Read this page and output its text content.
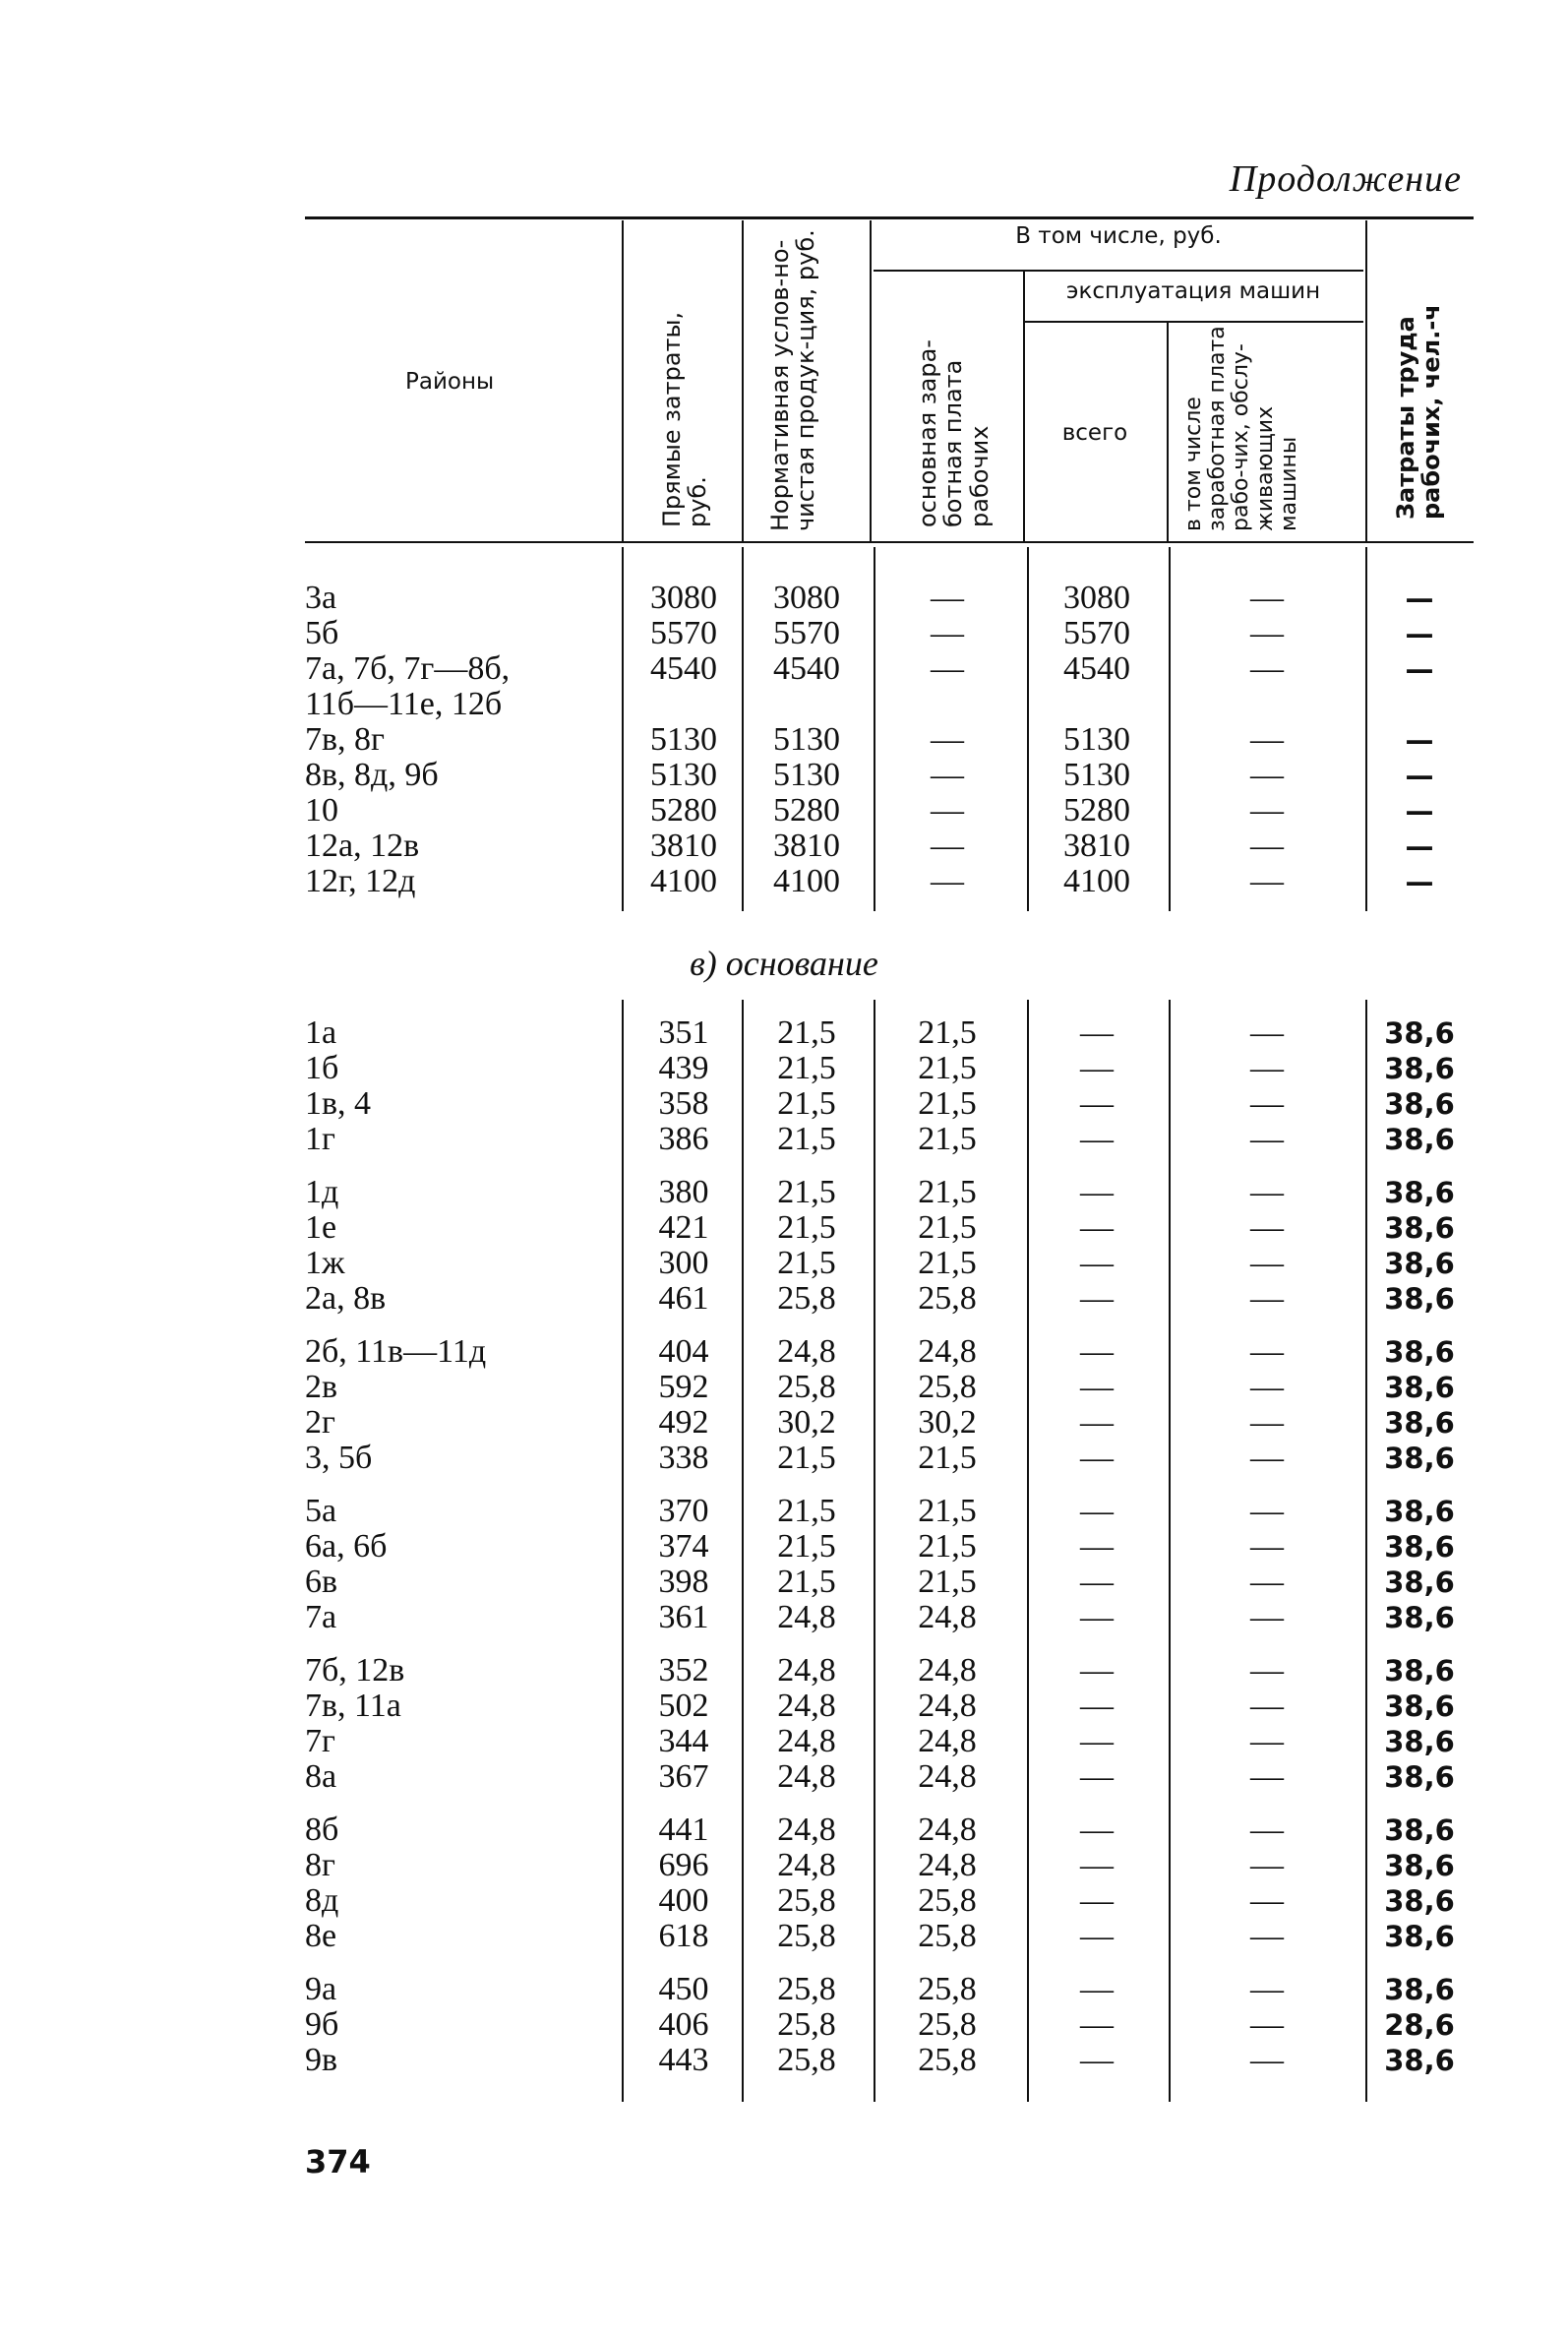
Продолжение
Районы	Прямые затраты, руб. Нормативная услов-но-чистая продук-ция, руб.	В том числе, руб.
основная зара-ботная плата рабочих
эксплуатация машин
всего	в том числе заработная плата рабо-чих, обслу-живающих машины	Затраты труда рабочих, чел.-ч
3а	3080	3080	—	3080	—	—
5б	5570	5570	—	5570	—	—
7а, 7б, 7г—8б,	4540	4540	—	4540	—	—
11б—11е, 12б
7в, 8г	5130	5130	—	5130	—	—
8в, 8д, 9б	5130	5130	—	5130	—	—
10	5280	5280	—	5280	—	—
12а, 12в	3810	3810	—	3810	—	—
12г, 12д	4100	4100	—	4100	—	—
в) основание
1а	351	21,5	21,5	—	—	38,6
1б	439	21,5	21,5	—	—	38,6
1в, 4	358	21,5	21,5	—	—	38,6
1г	386	21,5	21,5	—	—	38,6
1д	380	21,5	21,5	—	—	38,6
1е	421	21,5	21,5	—	—	38,6
1ж	300	21,5	21,5	—	—	38,6
2а, 8в	461	25,8	25,8	—	—	38,6
2б, 11в—11д	404	24,8	24,8	—	—	38,6
2в	592	25,8	25,8	—	—	38,6
2г	492	30,2	30,2	—	—	38,6
3, 5б	338	21,5	21,5	—	—	38,6
5а	370	21,5	21,5	—	—	38,6
6а, 6б	374	21,5	21,5	—	—	38,6
6в	398	21,5	21,5	—	—	38,6
7а	361	24,8	24,8	—	—	38,6
7б, 12в	352	24,8	24,8	—	—	38,6
7в, 11а	502	24,8	24,8	—	—	38,6
7г	344	24,8	24,8	—	—	38,6
8а	367	24,8	24,8	—	—	38,6
8б	441	24,8	24,8	—	—	38,6
8г	696	24,8	24,8	—	—	38,6
8д	400	25,8	25,8	—	—	38,6
8е	618	25,8	25,8	—	—	38,6
9а	450	25,8	25,8	—	—	38,6
9б	406	25,8	25,8	—	—	28,6
9в	443	25,8	25,8	—	—	38,6
374
